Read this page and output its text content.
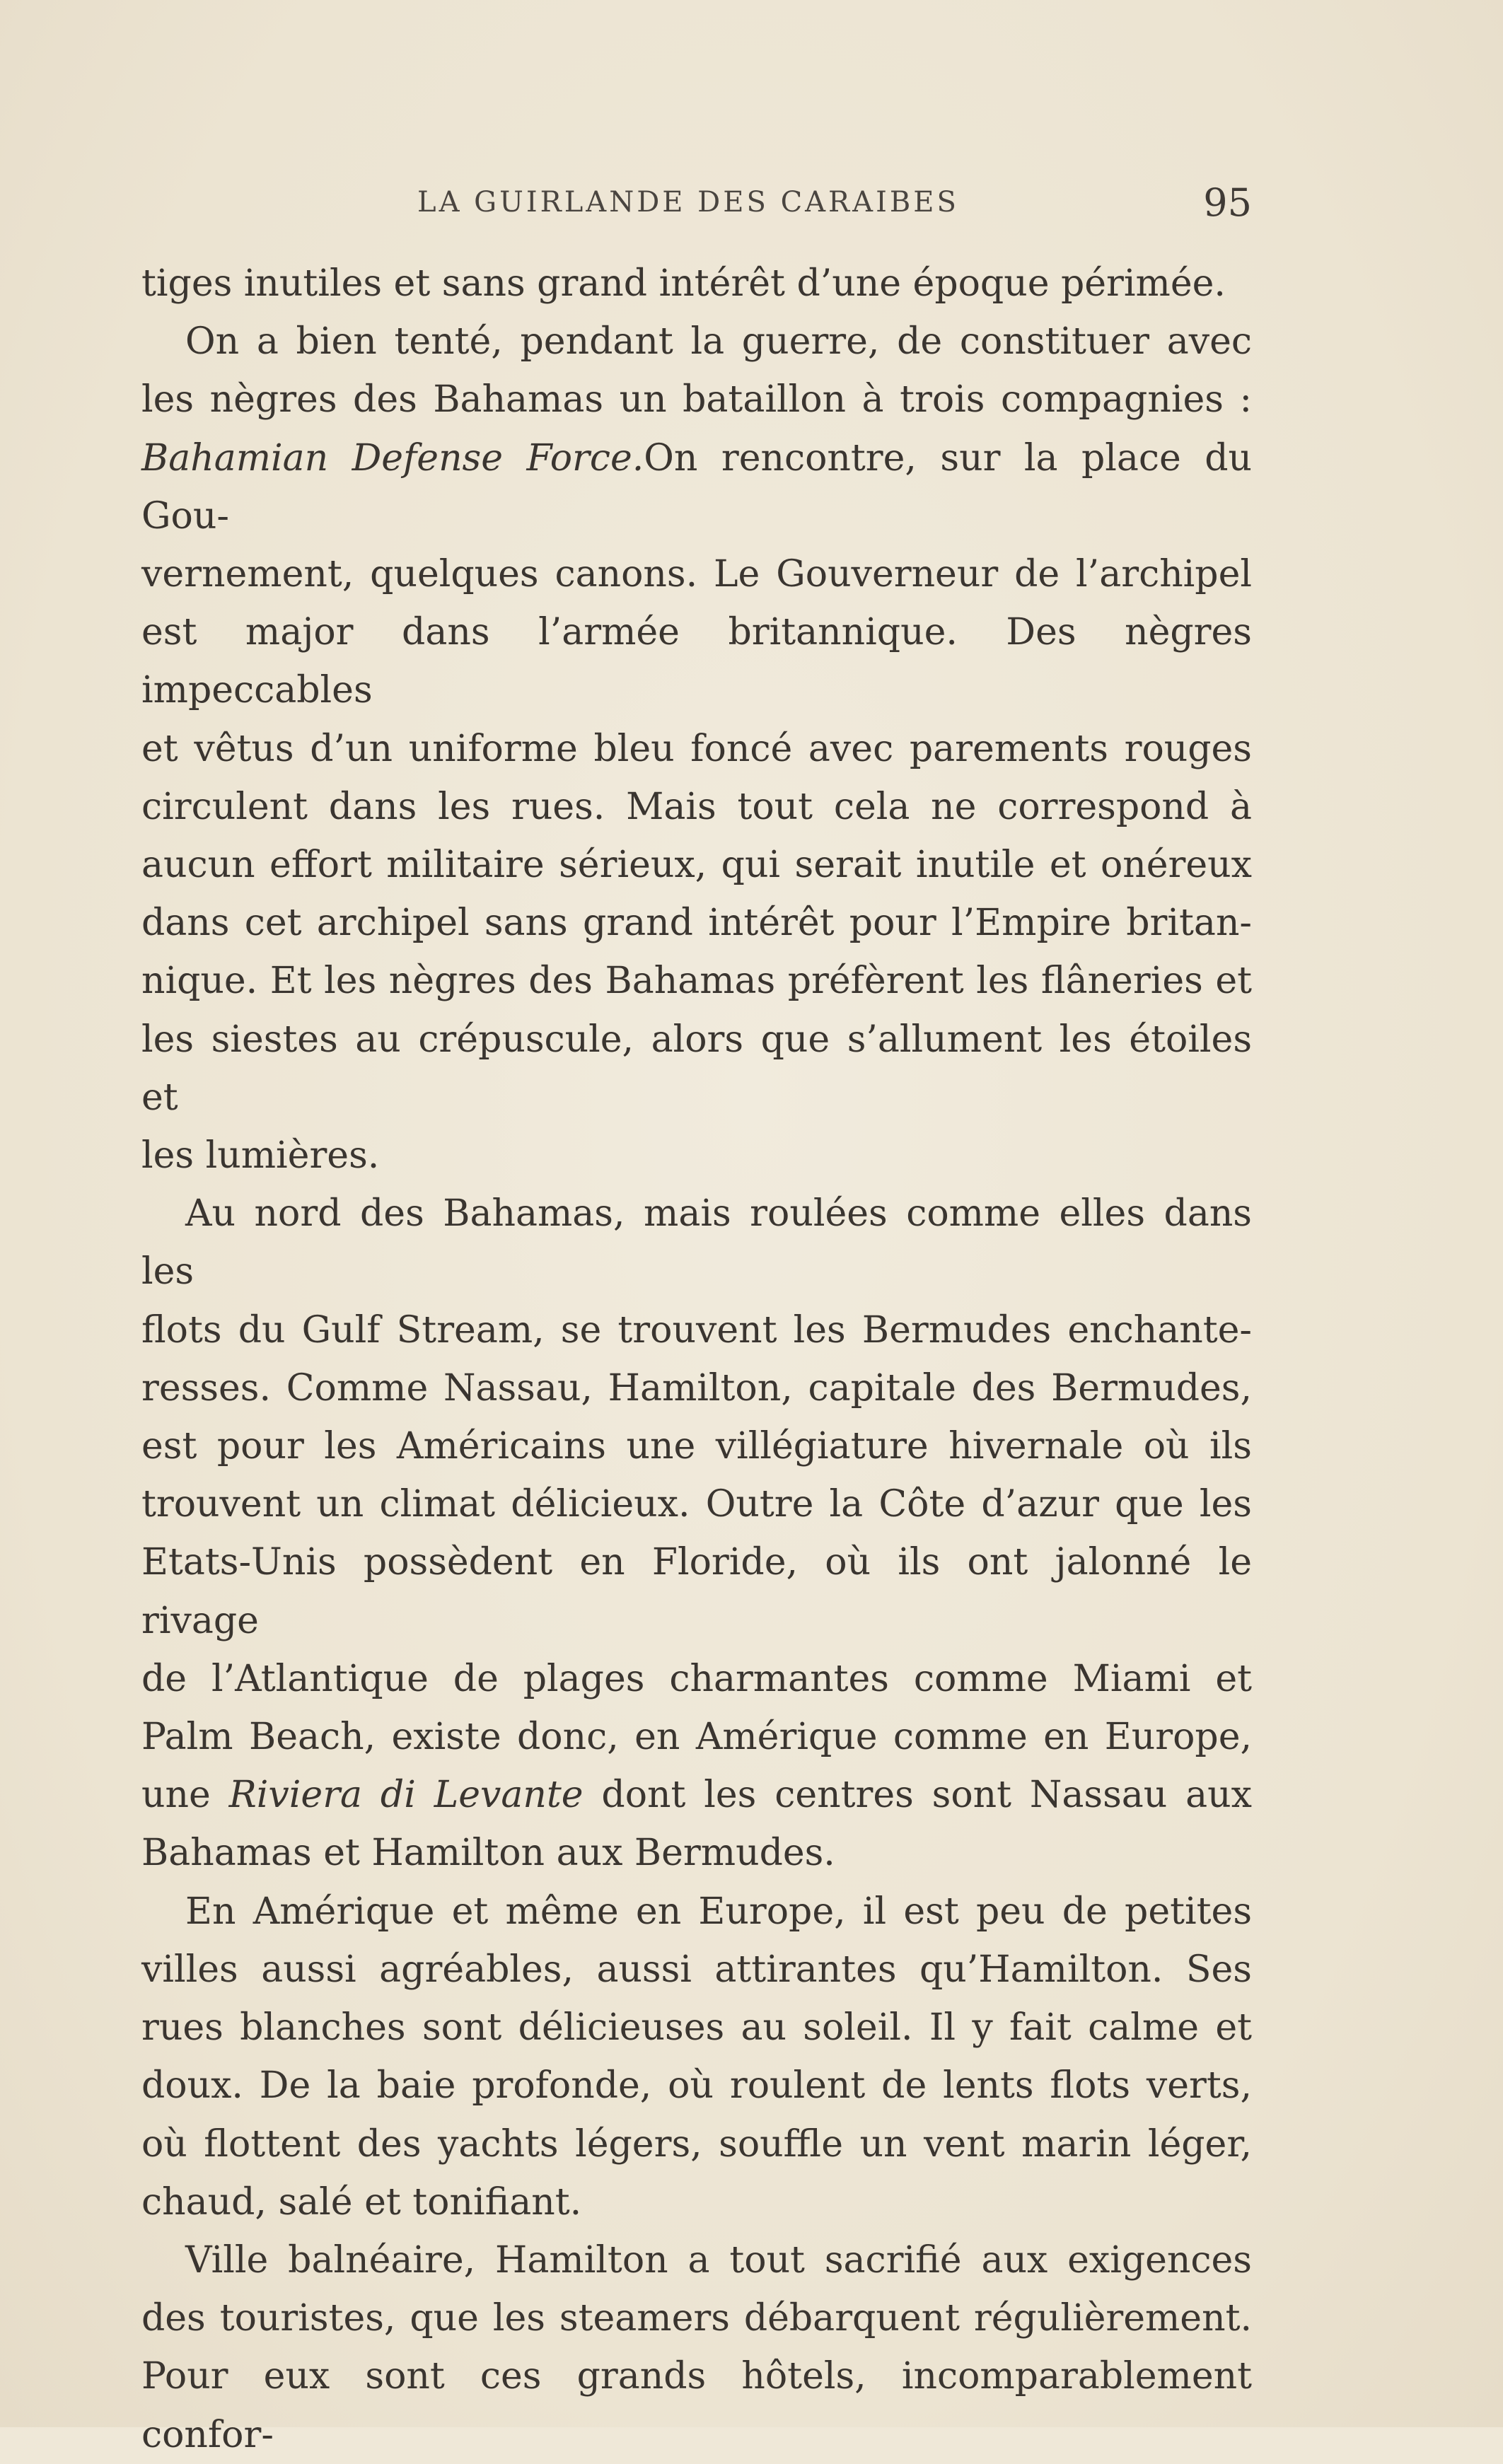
LA GUIRLANDE DES CARAIBES	95

tiges inutiles et sans grand intérêt d’une époque périmée.

On a bien tenté, pendant la guerre, de constituer avec

les nègres des Bahamas un bataillon à trois compagnies :

Bahamian Defense Force.On rencontre, sur la place du Gou-

vernement, quelques canons. Le Gouverneur de l’archipel

est major dans l’armée britannique. Des nègres impeccables

et vêtus d’un uniforme bleu foncé avec parements rouges

circulent dans les rues. Mais tout cela ne correspond à

aucun effort militaire sérieux, qui serait inutile et onéreux

dans cet archipel sans grand intérêt pour l’Empire britan-

nique. Et les nègres des Bahamas préfèrent les flâneries et

les siestes au crépuscule, alors que s’allument les étoiles et

les lumières.

Au nord des Bahamas, mais roulées comme elles dans les

flots du Gulf Stream, se trouvent les Bermudes enchante-

resses. Comme Nassau, Hamilton, capitale des Bermudes,

est pour les Américains une villégiature hivernale où ils

trouvent un climat délicieux. Outre la Côte d’azur que les

Etats-Unis possèdent en Floride, où ils ont jalonné le rivage

de l’Atlantique de plages charmantes comme Miami et

Palm Beach, existe donc, en Amérique comme en Europe,

une Riviera di Levante dont les centres sont Nassau aux

Bahamas et Hamilton aux Bermudes.

En Amérique et même en Europe, il est peu de petites

villes aussi agréables, aussi attirantes qu’Hamilton. Ses

rues blanches sont délicieuses au soleil. Il y fait calme et

doux. De la baie profonde, où roulent de lents flots verts,

où flottent des yachts légers, souffle un vent marin léger,

chaud, salé et tonifiant.

Ville balnéaire, Hamilton a tout sacrifié aux exigences

des touristes, que les steamers débarquent régulièrement.

Pour eux sont ces grands hôtels, incomparablement confor-
